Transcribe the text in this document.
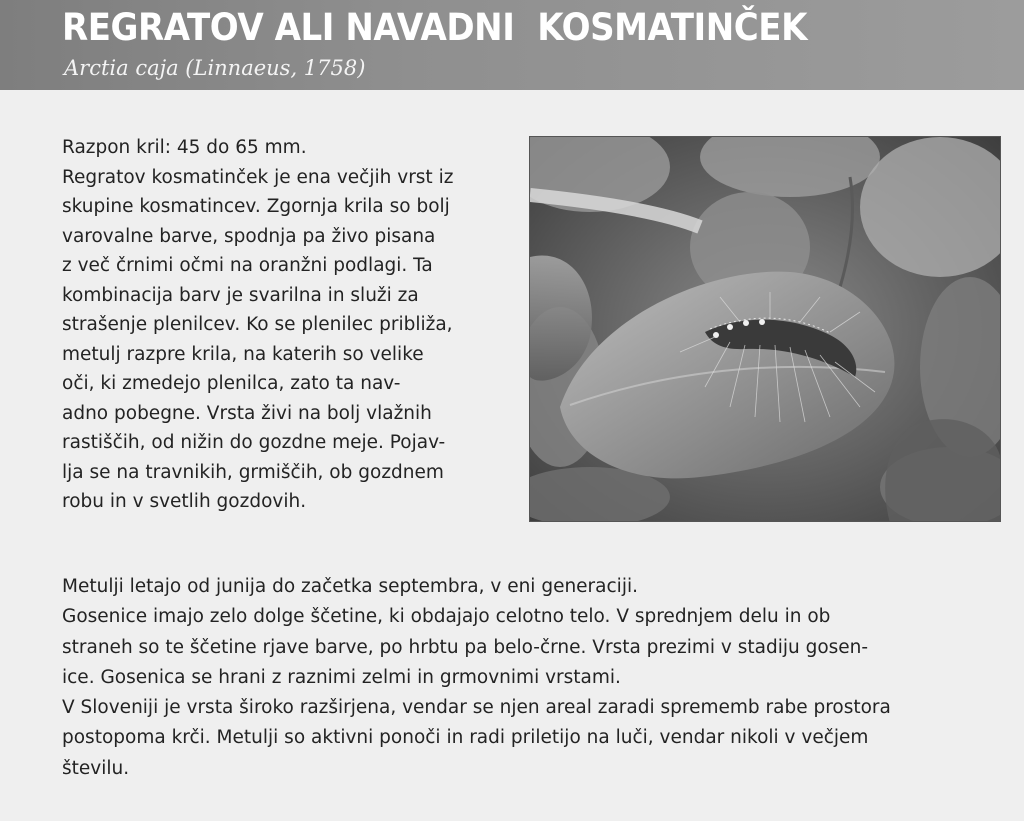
REGRATOV ALI NAVADNI  KOSMATINČEK
Arctia caja (Linnaeus, 1758)
Razpon kril: 45 do 65 mm.
Regratov kosmatinček je ena večjih vrst iz
skupine kosmatincev. Zgornja krila so bolj
varovalne barve, spodnja pa živo pisana
z več črnimi očmi na oranžni podlagi. Ta
kombinacija barv je svarilna in služi za
strašenje plenilcev. Ko se plenilec približa,
metulj razpre krila, na katerih so velike
oči, ki zmedejo plenilca, zato ta nav-
adno pobegne. Vrsta živi na bolj vlažnih
rastiščih, od nižin do gozdne meje. Pojav-
lja se na travnikih, grmiščih, ob gozdnem
robu in v svetlih gozdovih.
Metulji letajo od junija do začetka septembra, v eni generaciji.
Gosenice imajo zelo dolge ščetine, ki obdajajo celotno telo. V sprednjem delu in ob
straneh so te ščetine rjave barve, po hrbtu pa belo-črne. Vrsta prezimi v stadiju gosen-
ice. Gosenica se hrani z raznimi zelmi in grmovnimi vrstami.
V Sloveniji je vrsta široko razširjena, vendar se njen areal zaradi sprememb rabe prostora
postopoma krči. Metulji so aktivni ponoči in radi priletijo na luči, vendar nikoli v večjem
številu.
